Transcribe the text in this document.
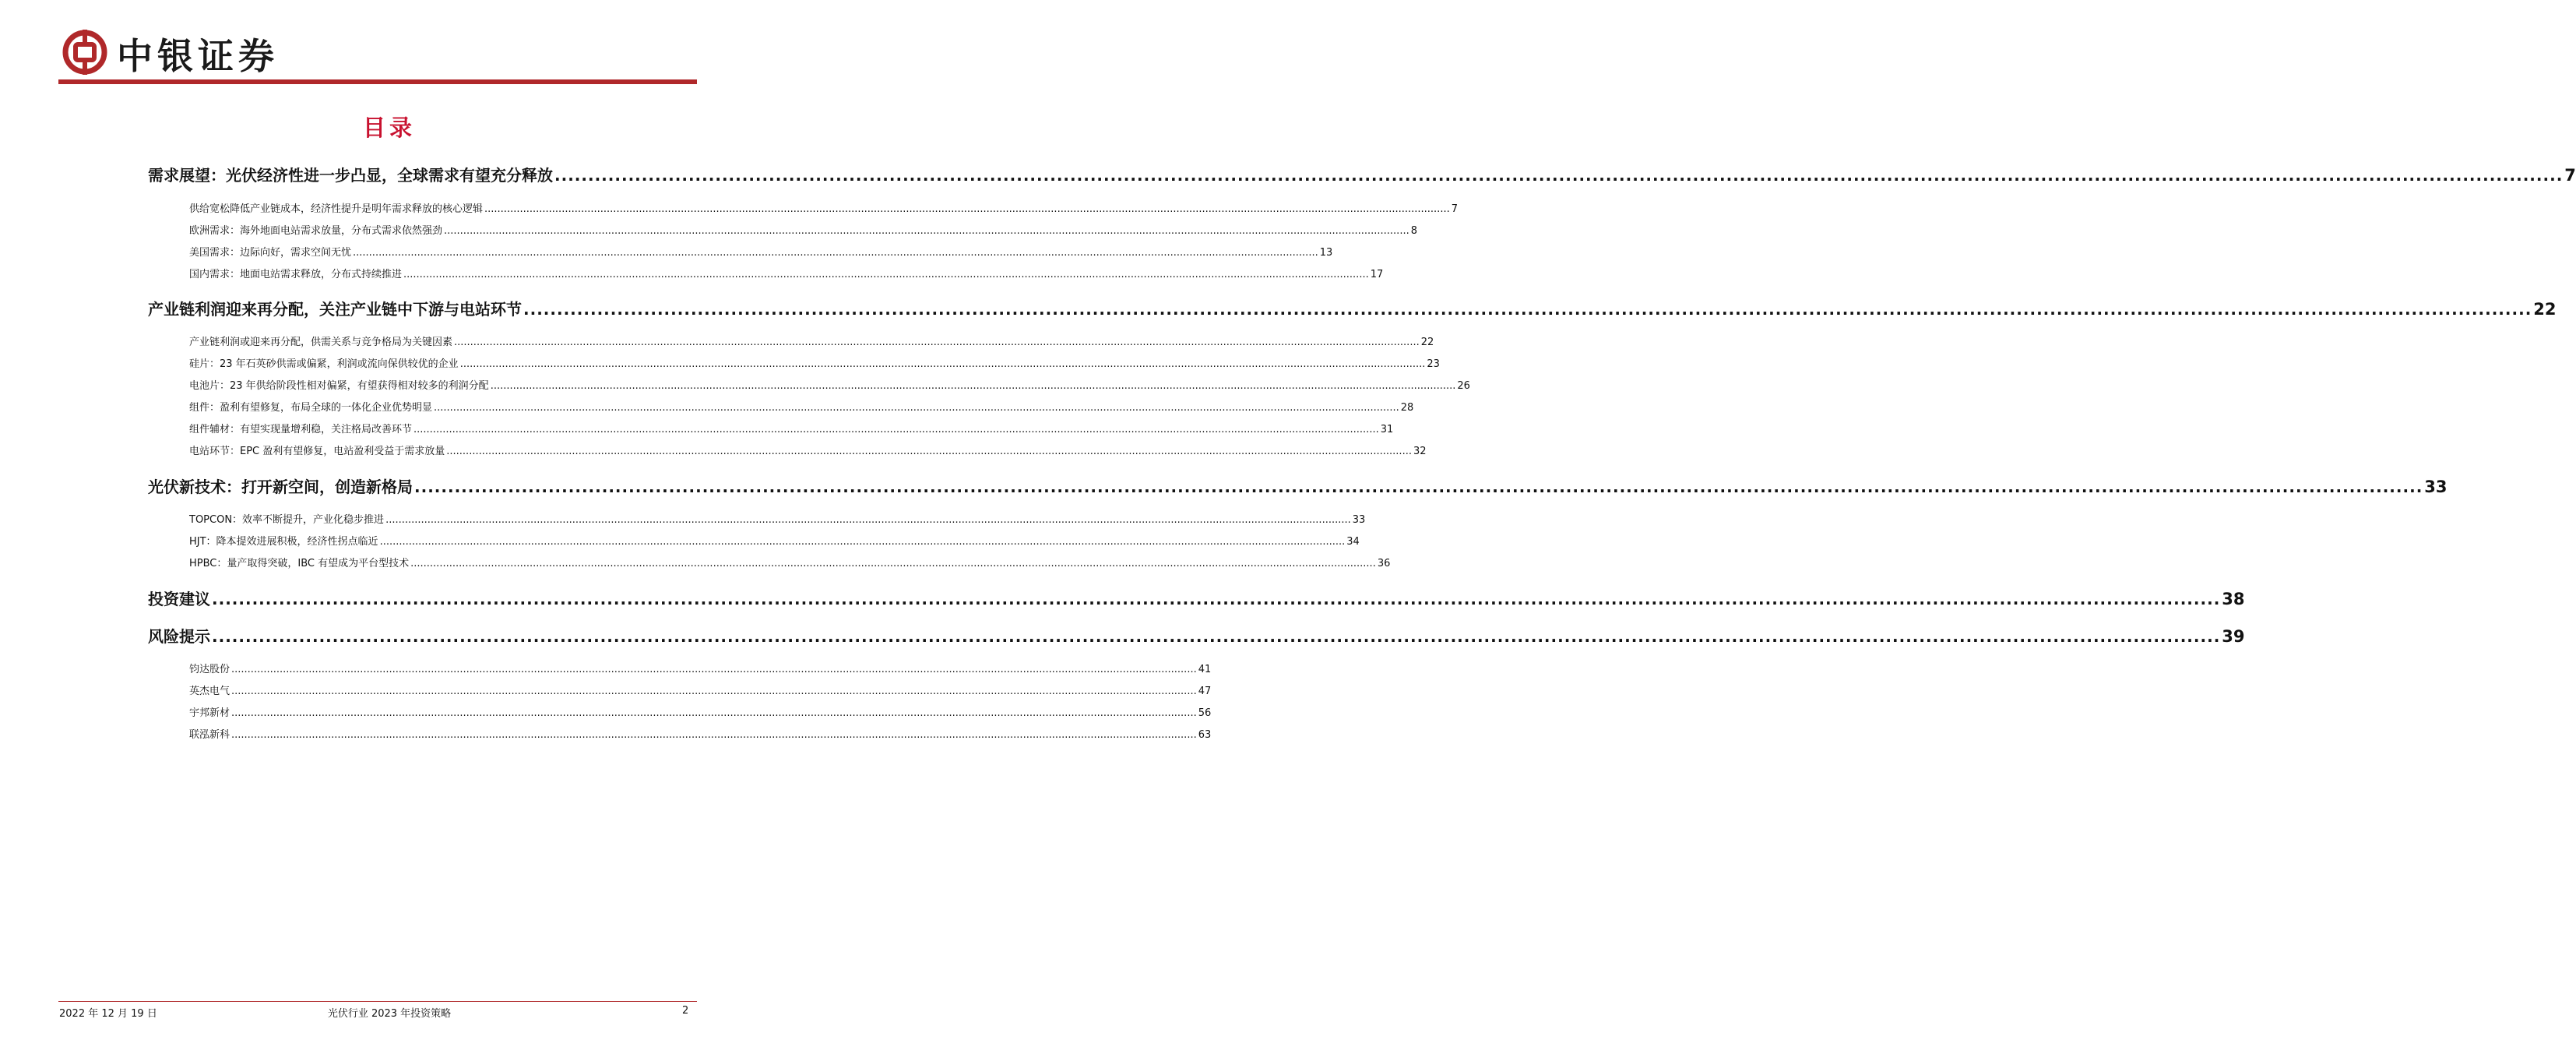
中银证券
目录
需求展望：光伏经济性进一步凸显，全球需求有望充分释放 ............................................................................................................................................................................................................................................................................................................ 7
供给宽松降低产业链成本，经济性提升是明年需求释放的核心逻辑 ............................................................................................................................................................................................................................................................................................................ 7
欧洲需求：海外地面电站需求放量，分布式需求依然强劲 ............................................................................................................................................................................................................................................................................................................ 8
美国需求：边际向好，需求空间无忧 ............................................................................................................................................................................................................................................................................................................ 13
国内需求：地面电站需求释放，分布式持续推进 ............................................................................................................................................................................................................................................................................................................ 17
产业链利润迎来再分配，关注产业链中下游与电站环节 ............................................................................................................................................................................................................................................................................................................ 22
产业链利润或迎来再分配，供需关系与竞争格局为关键因素 ............................................................................................................................................................................................................................................................................................................ 22
硅片：23 年石英砂供需或偏紧，利润或流向保供较优的企业 ............................................................................................................................................................................................................................................................................................................ 23
电池片：23 年供给阶段性相对偏紧，有望获得相对较多的利润分配 ............................................................................................................................................................................................................................................................................................................ 26
组件：盈利有望修复，布局全球的一体化企业优势明显 ............................................................................................................................................................................................................................................................................................................ 28
组件辅材：有望实现量增利稳，关注格局改善环节 ............................................................................................................................................................................................................................................................................................................ 31
电站环节：EPC 盈利有望修复，电站盈利受益于需求放量 ............................................................................................................................................................................................................................................................................................................ 32
光伏新技术：打开新空间，创造新格局 ............................................................................................................................................................................................................................................................................................................ 33
TOPCON：效率不断提升，产业化稳步推进 ............................................................................................................................................................................................................................................................................................................ 33
HJT：降本提效进展积极，经济性拐点临近 ............................................................................................................................................................................................................................................................................................................ 34
HPBC：量产取得突破，IBC 有望成为平台型技术 ............................................................................................................................................................................................................................................................................................................ 36
投资建议 ............................................................................................................................................................................................................................................................................................................ 38
风险提示 ............................................................................................................................................................................................................................................................................................................ 39
钧达股份 ............................................................................................................................................................................................................................................................................................................ 41
英杰电气 ............................................................................................................................................................................................................................................................................................................ 47
宇邦新材 ............................................................................................................................................................................................................................................................................................................ 56
联泓新科 ............................................................................................................................................................................................................................................................................................................ 63
2022 年 12 月 19 日	光伏行业 2023 年投资策略	2
